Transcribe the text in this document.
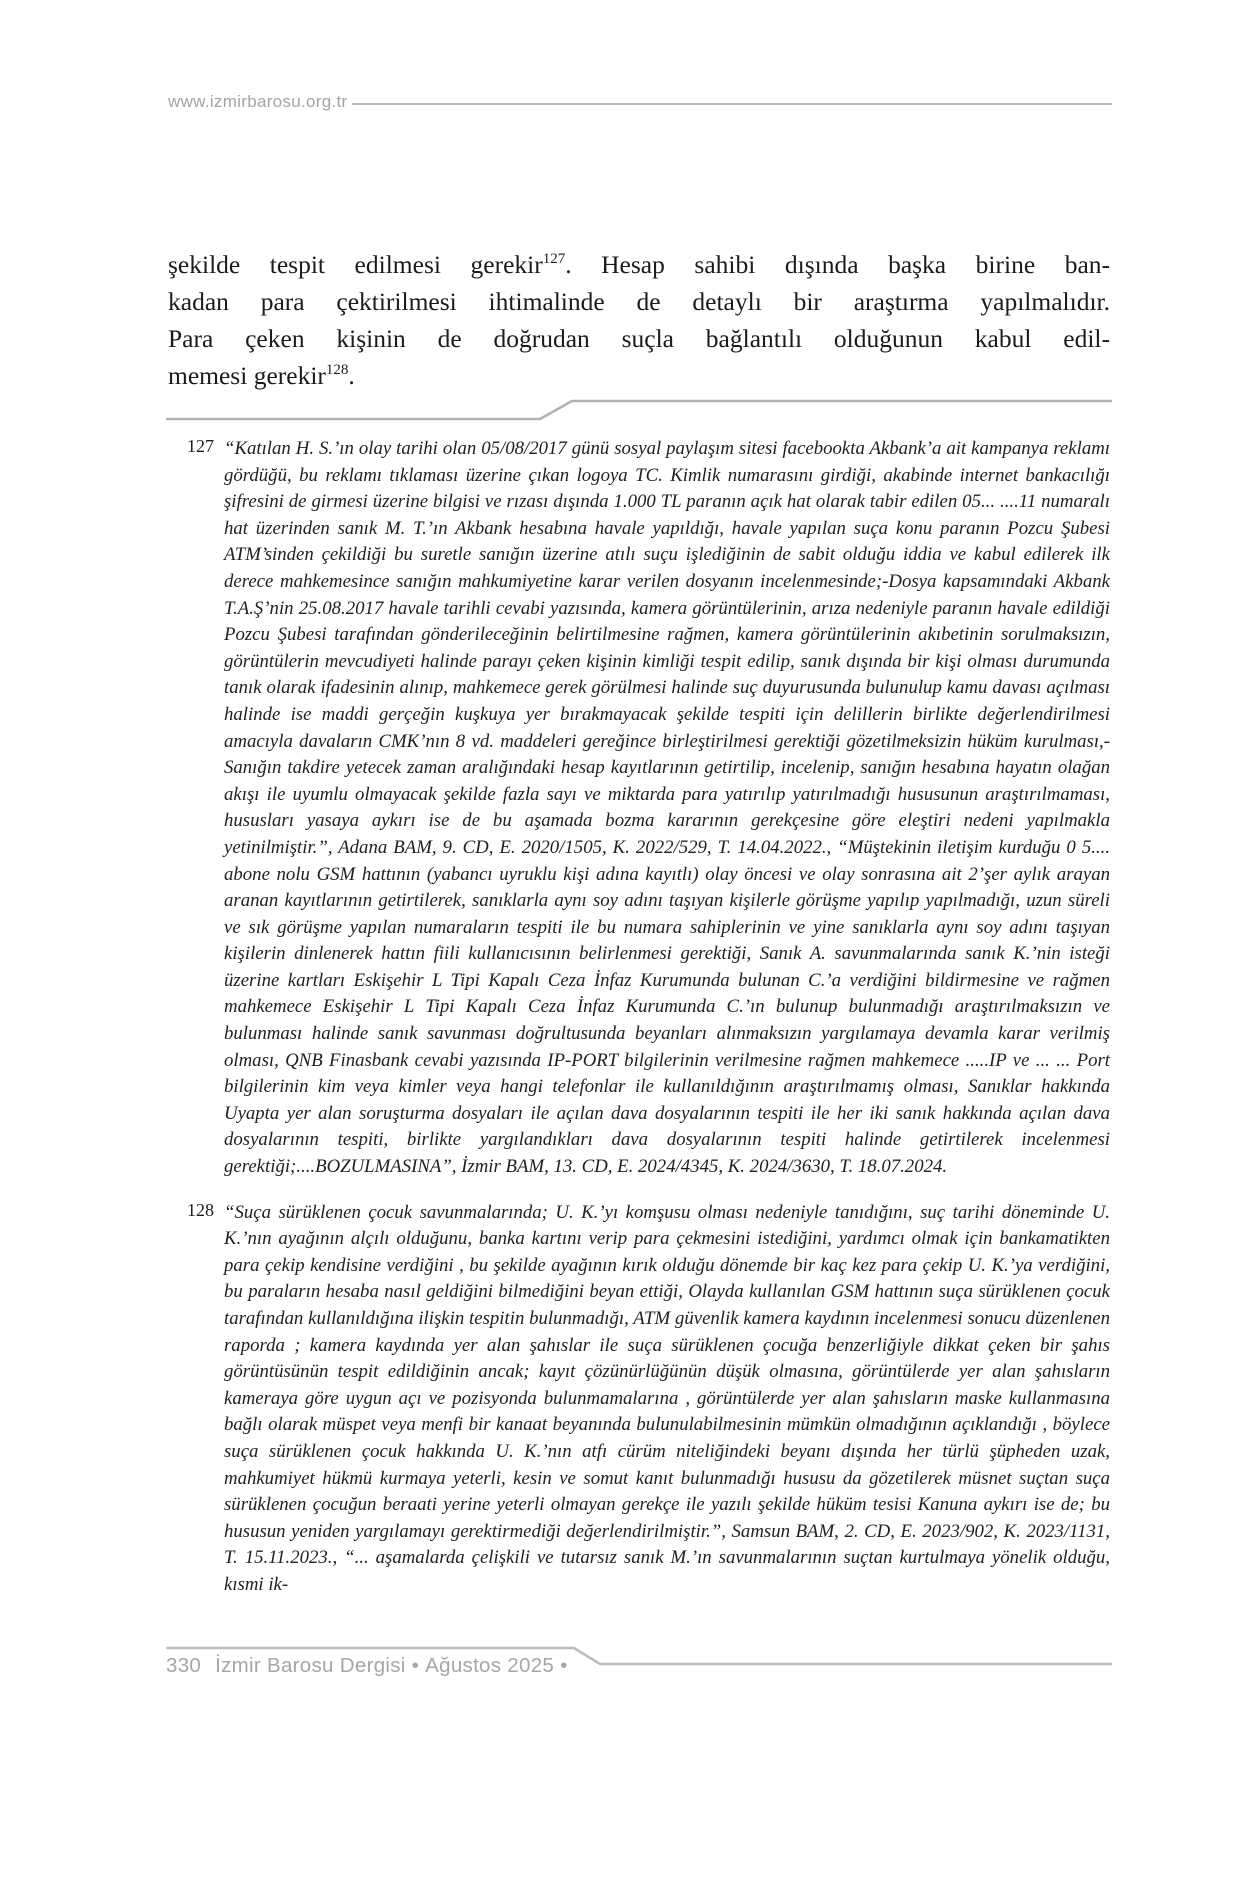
www.izmirbarosu.org.tr
şekilde tespit edilmesi gerekir$^{127}$. Hesap sahibi dışında başka birine ban-
kadan para çektirilmesi ihtimalinde de detaylı bir araştırma yapılmalıdır.
Para çeken kişinin de doğrudan suçla bağlantılı olduğunun kabul edil-
memesi gerekir$^{128}$.
127 “Katılan H. S.’ın olay tarihi olan 05/08/2017 günü sosyal paylaşım sitesi facebookta Akbank’a ait kampanya reklamı gördüğü, bu reklamı tıklaması üzerine çıkan logoya TC. Kimlik numarasını girdiği, akabinde internet bankacılığı şifresini de girmesi üzerine bilgisi ve rızası dışında 1.000 TL paranın açık hat olarak tabir edilen 05... ....11 numaralı hat üzerinden sanık M. T.’ın Akbank hesabına havale yapıldığı, havale yapılan suça konu paranın Pozcu Şubesi ATM’sinden çekildiği bu suretle sanığın üzerine atılı suçu işlediğinin de sabit olduğu iddia ve kabul edilerek ilk derece mahkemesince sanığın mahkumiyetine karar verilen dosyanın incelenmesinde;-Dosya kapsamındaki Akbank T.A.Ş’nin 25.08.2017 havale tarihli cevabi yazısında, kamera görüntülerinin, arıza nedeniyle paranın havale edildiği Pozcu Şubesi tarafından gönderileceğinin belirtilmesine rağmen, kamera görüntülerinin akıbetinin sorulmaksızın, görüntülerin mevcudiyeti halinde parayı çeken kişinin kimliği tespit edilip, sanık dışında bir kişi olması durumunda tanık olarak ifadesinin alınıp, mahkemece gerek görülmesi halinde suç duyurusunda bulunulup kamu davası açılması halinde ise maddi gerçeğin kuşkuya yer bırakmayacak şekilde tespiti için delillerin birlikte değerlendirilmesi amacıyla davaların CMK’nın 8 vd. maddeleri gereğince birleştirilmesi gerektiği gözetilmeksizin hüküm kurulması,-Sanığın takdire yetecek zaman aralığındaki hesap kayıtlarının getirtilip, incelenip, sanığın hesabına hayatın olağan akışı ile uyumlu olmayacak şekilde fazla sayı ve miktarda para yatırılıp yatırılmadığı hususunun araştırılmaması, hususları yasaya aykırı ise de bu aşamada bozma kararının gerekçesine göre eleştiri nedeni yapılmakla yetinilmiştir.”, Adana BAM, 9. CD, E. 2020/1505, K. 2022/529, T. 14.04.2022., “Müştekinin iletişim kurduğu 0 5.... abone nolu GSM hattının (yabancı uyruklu kişi adına kayıtlı) olay öncesi ve olay sonrasına ait 2’şer aylık arayan aranan kayıtlarının getirtilerek, sanıklarla aynı soy adını taşıyan kişilerle görüşme yapılıp yapılmadığı, uzun süreli ve sık görüşme yapılan numaraların tespiti ile bu numara sahiplerinin ve yine sanıklarla aynı soy adını taşıyan kişilerin dinlenerek hattın fiili kullanıcısının belirlenmesi gerektiği, Sanık A. savunmalarında sanık K.’nin isteği üzerine kartları Eskişehir L Tipi Kapalı Ceza İnfaz Kurumunda bulunan C.’a verdiğini bildirmesine ve rağmen mahkemece Eskişehir L Tipi Kapalı Ceza İnfaz Kurumunda C.’ın bulunup bulunmadığı araştırılmaksızın ve bulunması halinde sanık savunması doğrultusunda beyanları alınmaksızın yargılamaya devamla karar verilmiş olması, QNB Finasbank cevabi yazısında IP-PORT bilgilerinin verilmesine rağmen mahkemece .....IP ve ... ... Port bilgilerinin kim veya kimler veya hangi telefonlar ile kullanıldığının araştırılmamış olması, Sanıklar hakkında Uyapta yer alan soruşturma dosyaları ile açılan dava dosyalarının tespiti ile her iki sanık hakkında açılan dava dosyalarının tespiti, birlikte yargılandıkları dava dosyalarının tespiti halinde getirtilerek incelenmesi gerektiği;....BOZULMASINA”, İzmir BAM, 13. CD, E. 2024/4345, K. 2024/3630, T. 18.07.2024.
128 “Suça sürüklenen çocuk savunmalarında; U. K.’yı komşusu olması nedeniyle tanıdığını, suç tarihi döneminde U. K.’nın ayağının alçılı olduğunu, banka kartını verip para çekmesini istediğini, yardımcı olmak için bankamatikten para çekip kendisine verdiğini , bu şekilde ayağının kırık olduğu dönemde bir kaç kez para çekip U. K.’ya verdiğini, bu paraların hesaba nasıl geldiğini bilmediğini beyan ettiği, Olayda kullanılan GSM hattının suça sürüklenen çocuk tarafından kullanıldığına ilişkin tespitin bulunmadığı, ATM güvenlik kamera kaydının incelenmesi sonucu düzenlenen raporda ; kamera kaydında yer alan şahıslar ile suça sürüklenen çocuğa benzerliğiyle dikkat çeken bir şahıs görüntüsünün tespit edildiğinin ancak; kayıt çözünürlüğünün düşük olmasına, görüntülerde yer alan şahısların kameraya göre uygun açı ve pozisyonda bulunmamalarına , görüntülerde yer alan şahısların maske kullanmasına bağlı olarak müspet veya menfi bir kanaat beyanında bulunulabilmesinin mümkün olmadığının açıklandığı , böylece suça sürüklenen çocuk hakkında U. K.’nın atfı cürüm niteliğindeki beyanı dışında her türlü şüpheden uzak, mahkumiyet hükmü kurmaya yeterli, kesin ve somut kanıt bulunmadığı hususu da gözetilerek müsnet suçtan suça sürüklenen çocuğun beraati yerine yeterli olmayan gerekçe ile yazılı şekilde hüküm tesisi Kanuna aykırı ise de; bu hususun yeniden yargılamayı gerektirmediği değerlendirilmiştir.”, Samsun BAM, 2. CD, E. 2023/902, K. 2023/1131, T. 15.11.2023., “... aşamalarda çelişkili ve tutarsız sanık M.’ın savunmalarının suçtan kurtulmaya yönelik olduğu, kısmi ik-
330 İzmir Barosu Dergisi • Ağustos 2025 •
